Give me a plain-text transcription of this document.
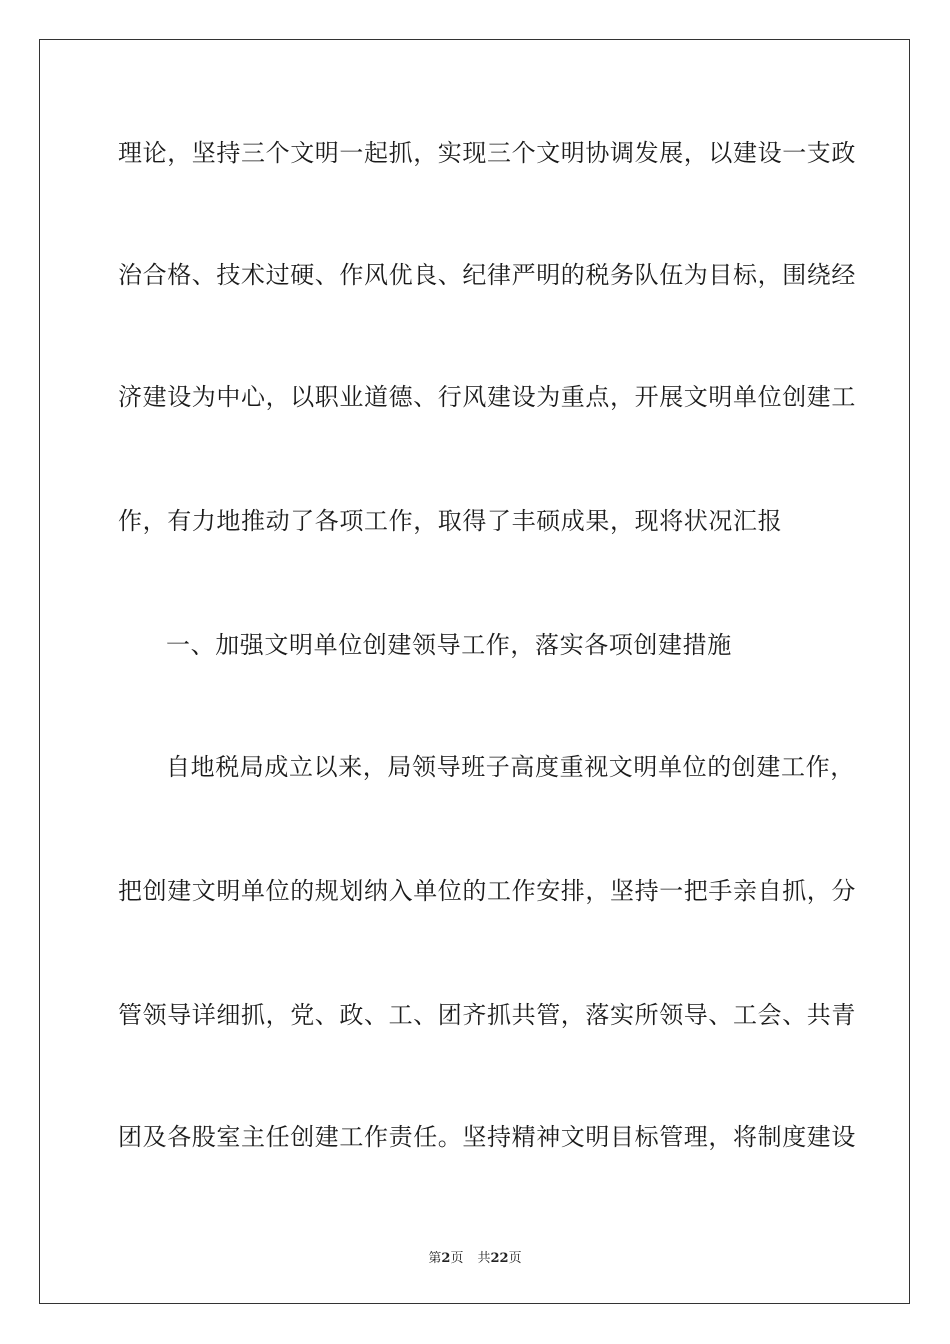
理论，坚持三个文明一起抓，实现三个文明协调发展，以建设一支政
治合格、技术过硬、作风优良、纪律严明的税务队伍为目标，围绕经
济建设为中心，以职业道德、行风建设为重点，开展文明单位创建工
作，有力地推动了各项工作，取得了丰硕成果，现将状况汇报
一、加强文明单位创建领导工作，落实各项创建措施
自地税局成立以来，局领导班子高度重视文明单位的创建工作，
把创建文明单位的规划纳入单位的工作安排，坚持一把手亲自抓，分
管领导详细抓，党、政、工、团齐抓共管，落实所领导、工会、共青
团及各股室主任创建工作责任。坚持精神文明目标管理，将制度建设
第2页 共22页
